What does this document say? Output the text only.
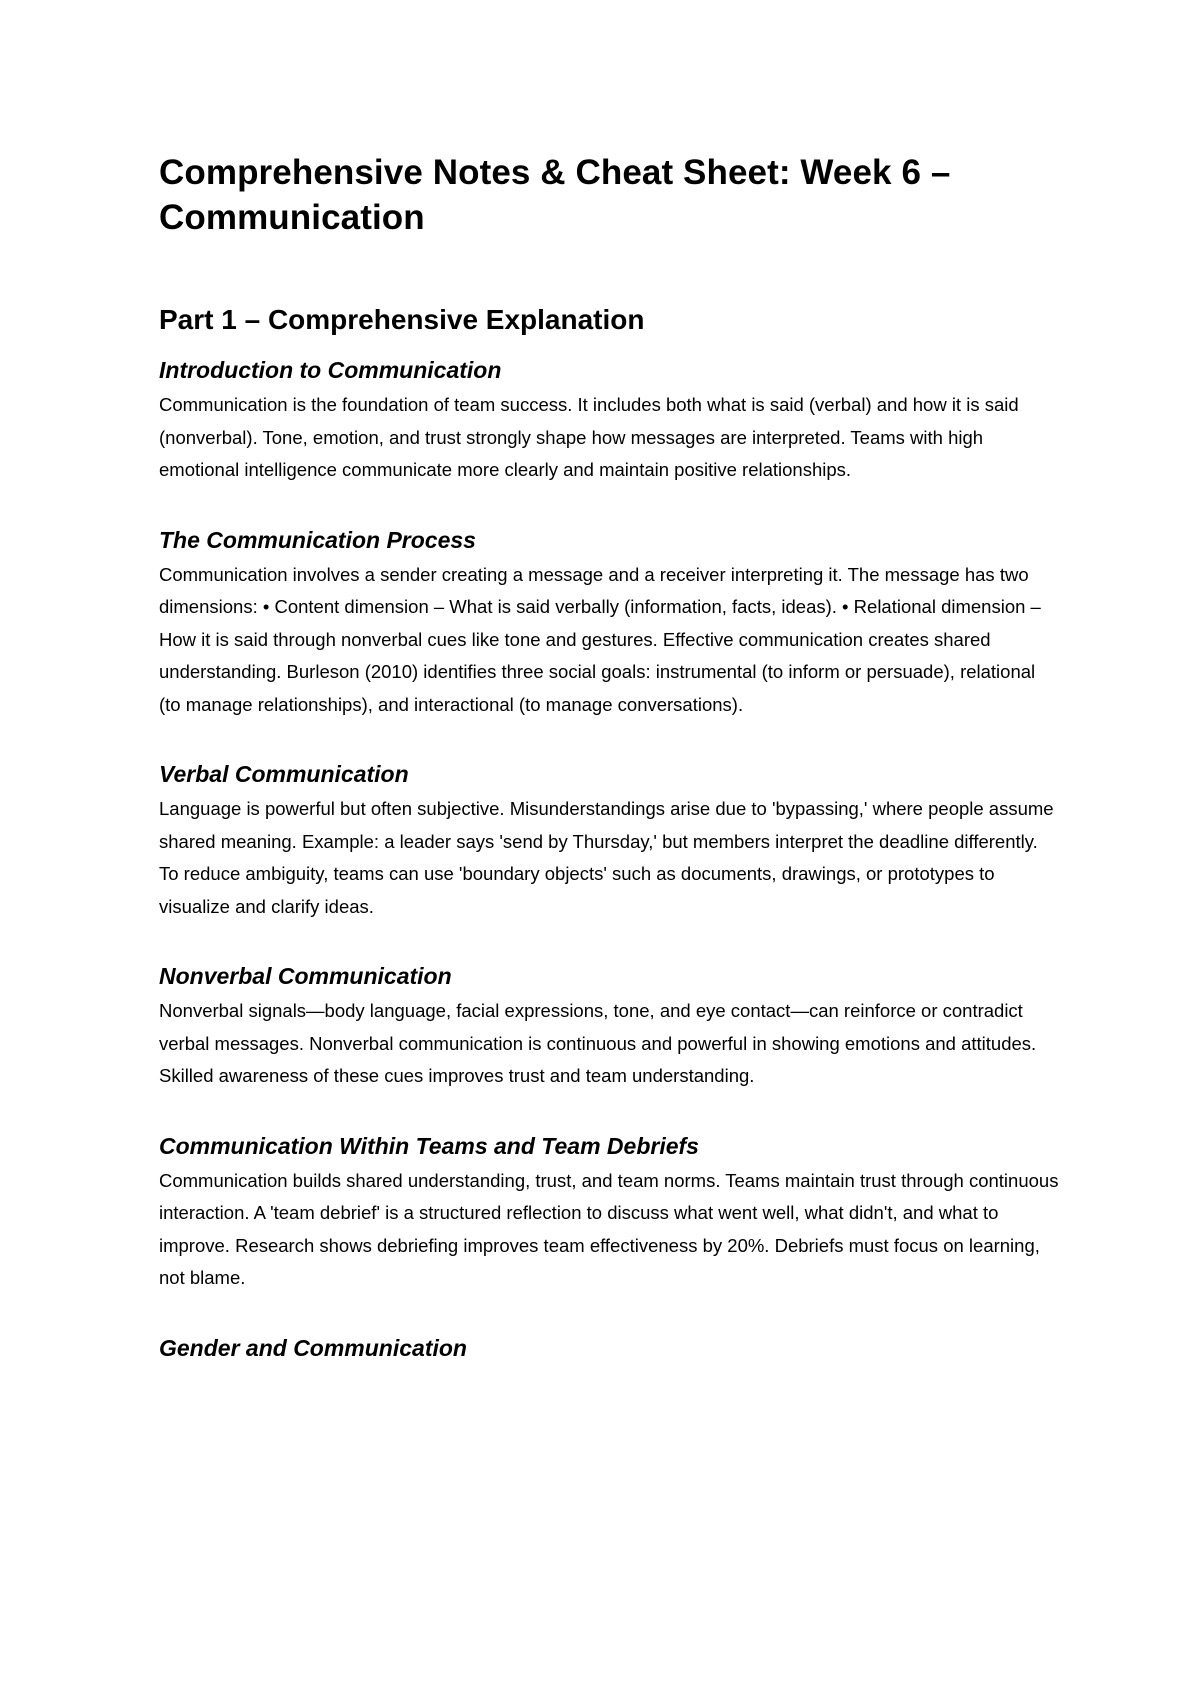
Comprehensive Notes & Cheat Sheet: Week 6 – Communication
Part 1 – Comprehensive Explanation
Introduction to Communication

Communication is the foundation of team success. It includes both what is said (verbal) and how it is said (nonverbal). Tone, emotion, and trust strongly shape how messages are interpreted. Teams with high emotional intelligence communicate more clearly and maintain positive relationships.

The Communication Process

Communication involves a sender creating a message and a receiver interpreting it. The message has two dimensions: • Content dimension – What is said verbally (information, facts, ideas). • Relational dimension – How it is said through nonverbal cues like tone and gestures. Effective communication creates shared understanding. Burleson (2010) identifies three social goals: instrumental (to inform or persuade), relational (to manage relationships), and interactional (to manage conversations).

Verbal Communication

Language is powerful but often subjective. Misunderstandings arise due to 'bypassing,' where people assume shared meaning. Example: a leader says 'send by Thursday,' but members interpret the deadline differently. To reduce ambiguity, teams can use 'boundary objects' such as documents, drawings, or prototypes to visualize and clarify ideas.

Nonverbal Communication

Nonverbal signals—body language, facial expressions, tone, and eye contact—can reinforce or contradict verbal messages. Nonverbal communication is continuous and powerful in showing emotions and attitudes. Skilled awareness of these cues improves trust and team understanding.

Communication Within Teams and Team Debriefs

Communication builds shared understanding, trust, and team norms. Teams maintain trust through continuous interaction. A 'team debrief' is a structured reflection to discuss what went well, what didn't, and what to improve. Research shows debriefing improves team effectiveness by 20%. Debriefs must focus on learning, not blame.

Gender and Communication
